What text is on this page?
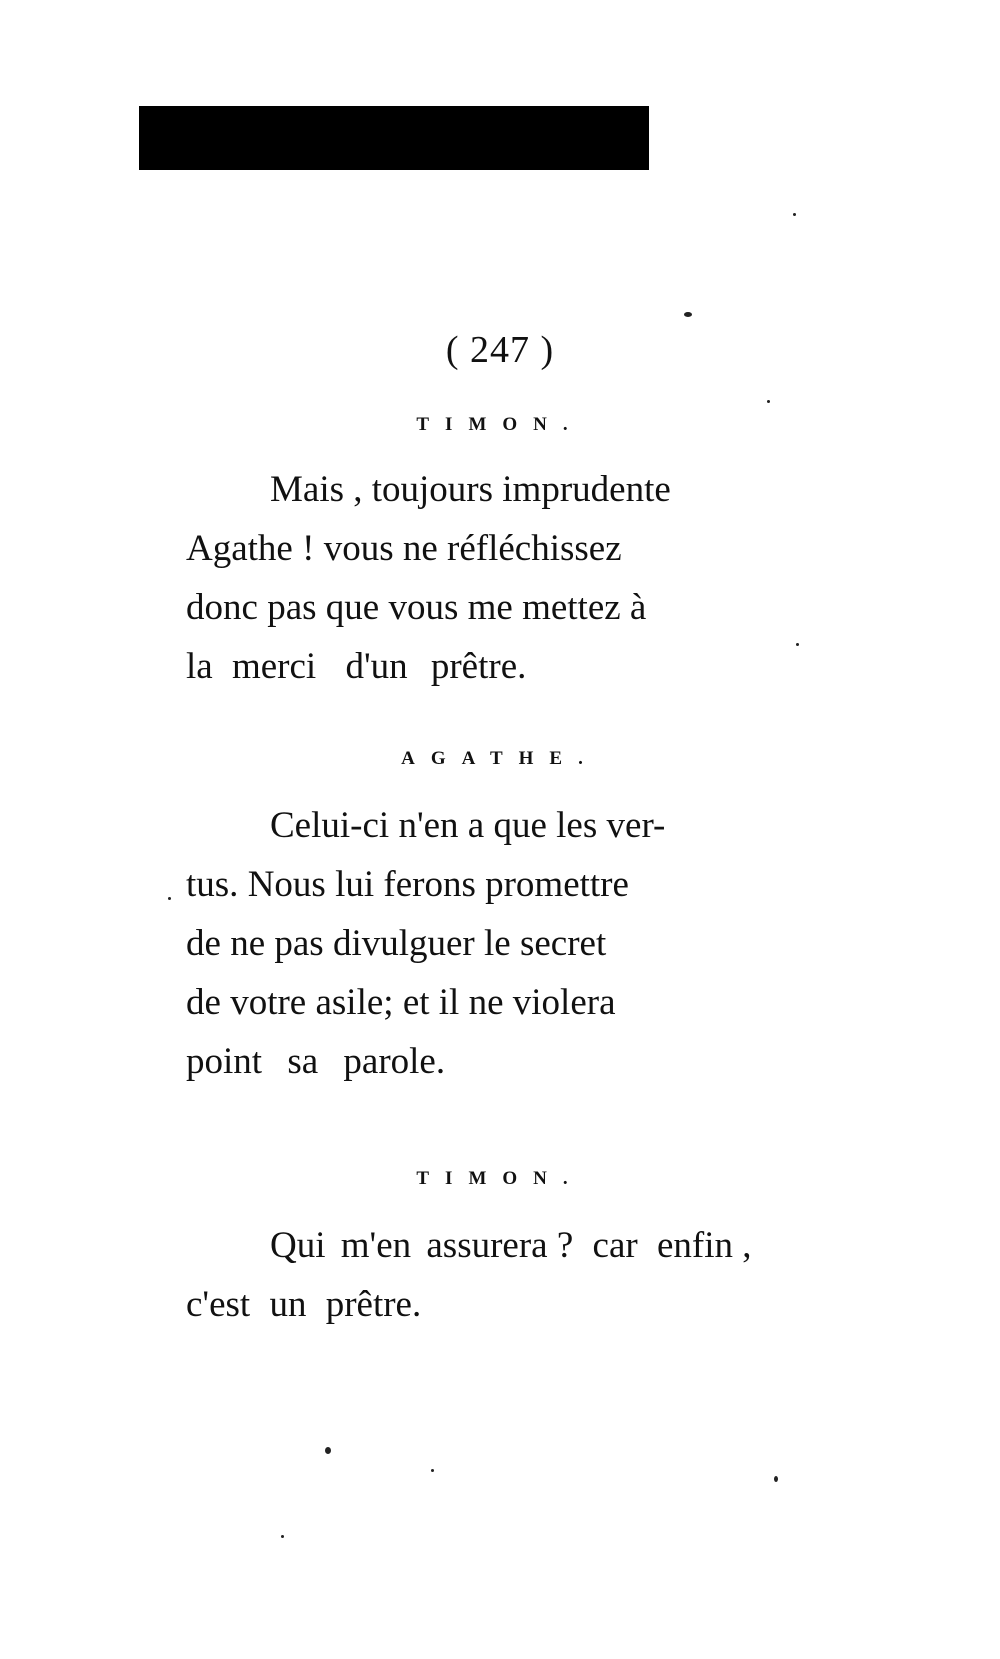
( 247 )
TIMON.
Mais , toujours imprudente
Agathe ! vous ne réfléchissez
donc pas que vous me mettez à
la merci d'un prêtre.
AGATHE.
Celui-ci n'en a que les ver-
tus. Nous lui ferons promettre
de ne pas divulguer le secret
de votre asile; et il ne violera
point sa parole.
TIMON.
Qui m'en assurera ? car enfin ,
c'est un prêtre.
